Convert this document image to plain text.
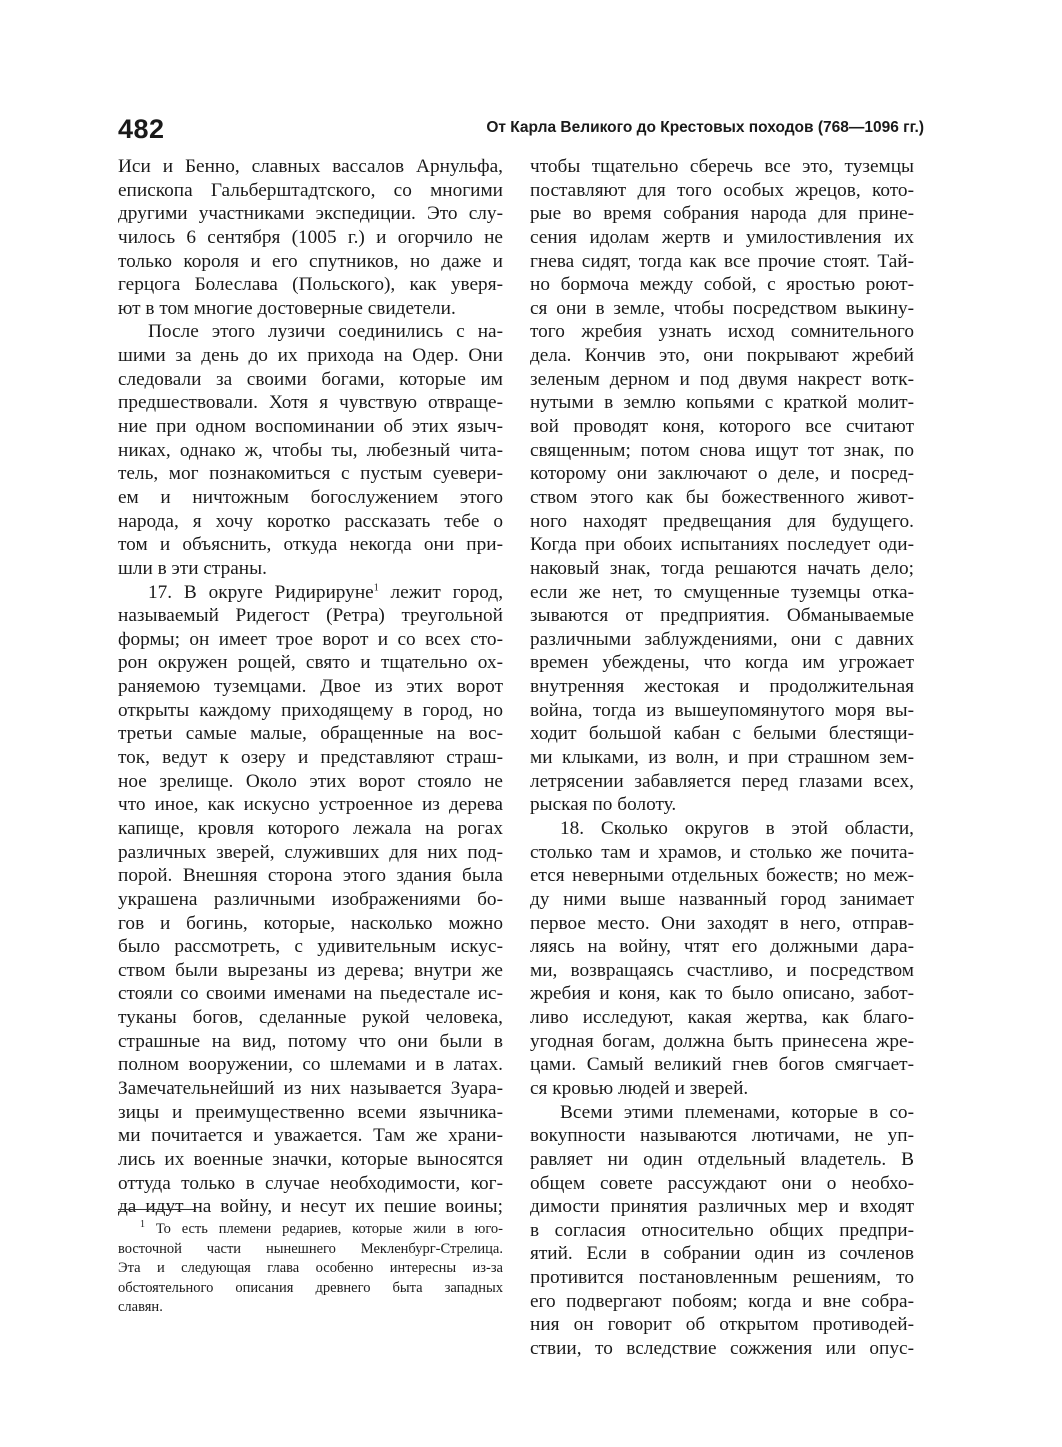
482	От Карла Великого до Крестовых походов (768—1096 гг.)
Иси и Бенно, славных вассалов Арнульфа,
епископа Гальберштадтского, со многими
другими участниками экспедиции. Это слу-
чилось 6 сентября (1005 г.) и огорчило не
только короля и его спутников, но даже и
герцога Болеслава (Польского), как уверя-
ют в том многие достоверные свидетели.
После этого лузичи соединились с на-
шими за день до их прихода на Одер. Они
следовали за своими богами, которые им
предшествовали. Хотя я чувствую отвраще-
ние при одном воспоминании об этих языч-
никах, однако ж, чтобы ты, любезный чита-
тель, мог познакомиться с пустым суевери-
ем и ничтожным богослужением этого
народа, я хочу коротко рассказать тебе о
том и объяснить, откуда некогда они при-
шли в эти страны.
17. В округе Ридирируне$^1$ лежит город,
называемый Ридегост (Ретра) треугольной
формы; он имеет трое ворот и со всех сто-
рон окружен рощей, свято и тщательно ох-
раняемою туземцами. Двое из этих ворот
открыты каждому приходящему в город, но
третьи самые малые, обращенные на вос-
ток, ведут к озеру и представляют страш-
ное зрелище. Около этих ворот стояло не
что иное, как искусно устроенное из дерева
капище, кровля которого лежала на рогах
различных зверей, служивших для них под-
порой. Внешняя сторона этого здания была
украшена различными изображениями бо-
гов и богинь, которые, насколько можно
было рассмотреть, с удивительным искус-
ством были вырезаны из дерева; внутри же
стояли со своими именами на пьедестале ис-
туканы богов, сделанные рукой человека,
страшные на вид, потому что они были в
полном вооружении, со шлемами и в латах.
Замечательнейший из них называется Зуара-
зицы и преимущественно всеми язычника-
ми почитается и уважается. Там же храни-
лись их военные значки, которые выносятся
оттуда только в случае необходимости, ког-
да идут на войну, и несут их пешие воины;
$^1$ То есть племени редариев, которые жили в юго-
восточной части нынешнего Мекленбург-Стрелица.
Эта и следующая глава особенно интересны из-за
обстоятельного описания древнего быта западных
славян.
чтобы тщательно сберечь все это, туземцы
поставляют для того особых жрецов, кото-
рые во время собрания народа для прине-
сения идолам жертв и умилостивления их
гнева сидят, тогда как все прочие стоят. Тай-
но бормоча между собой, с яростью роют-
ся они в земле, чтобы посредством выкину-
того жребия узнать исход сомнительного
дела. Кончив это, они покрывают жребий
зеленым дерном и под двумя накрест вотк-
нутыми в землю копьями с краткой молит-
вой проводят коня, которого все считают
священным; потом снова ищут тот знак, по
которому они заключают о деле, и посред-
ством этого как бы божественного живот-
ного находят предвещания для будущего.
Когда при обоих испытаниях последует оди-
наковый знак, тогда решаются начать дело;
если же нет, то смущенные туземцы отка-
зываются от предприятия. Обманываемые
различными заблуждениями, они с давних
времен убеждены, что когда им угрожает
внутренняя жестокая и продолжительная
война, тогда из вышеупомянутого моря вы-
ходит большой кабан с белыми блестящи-
ми клыками, из волн, и при страшном зем-
летрясении забавляется перед глазами всех,
рыская по болоту.
18. Сколько округов в этой области,
столько там и храмов, и столько же почита-
ется неверными отдельных божеств; но меж-
ду ними выше названный город занимает
первое место. Они заходят в него, отправ-
ляясь на войну, чтят его должными дара-
ми, возвращаясь счастливо, и посредством
жребия и коня, как то было описано, забот-
ливо исследуют, какая жертва, как благо-
угодная богам, должна быть принесена жре-
цами. Самый великий гнев богов смягчает-
ся кровью людей и зверей.
Всеми этими племенами, которые в со-
вокупности называются лютичами, не уп-
равляет ни один отдельный владетель. В
общем совете рассуждают они о необхо-
димости принятия различных мер и входят
в согласия относительно общих предпри-
ятий. Если в собрании один из сочленов
противится постановленным решениям, то
его подвергают побоям; когда и вне собра-
ния он говорит об открытом противодей-
ствии, то вследствие сожжения или опус-
